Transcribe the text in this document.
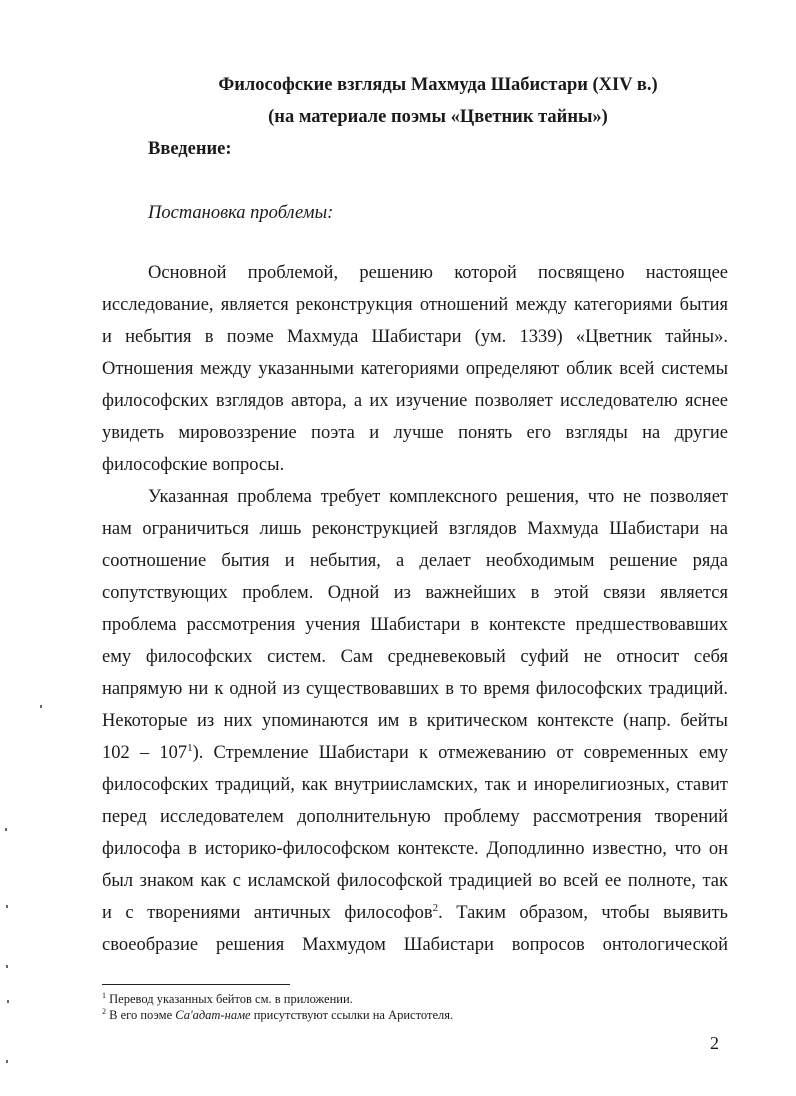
Философские взгляды Махмуда Шабистари (XIV в.)
(на материале поэмы «Цветник тайны»)
Введение:
Постановка проблемы:
Основной проблемой, решению которой посвящено настоящее
исследование, является реконструкция отношений между категориями бытия
и небытия в поэме Махмуда Шабистари (ум. 1339) «Цветник тайны».
Отношения между указанными категориями определяют облик всей системы
философских взглядов автора, а их изучение позволяет исследователю яснее
увидеть мировоззрение поэта и лучше понять его взгляды на другие
философские вопросы.
Указанная проблема требует комплексного решения, что не позволяет
нам ограничиться лишь реконструкцией взглядов Махмуда Шабистари на
соотношение бытия и небытия, а делает необходимым решение ряда
сопутствующих проблем. Одной из важнейших в этой связи является
проблема рассмотрения учения Шабистари в контексте предшествовавших
ему философских систем. Сам средневековый суфий не относит себя
напрямую ни к одной из существовавших в то время философских традиций.
Некоторые из них упоминаются им в критическом контексте (напр. бейты
$102 - 107^1$). Стремление Шабистари к отмежеванию от современных ему
философских традиций, как внутриисламских, так и инорелигиозных, ставит
перед исследователем дополнительную проблему рассмотрения творений
философа в историко-философском контексте. Доподлинно известно, что он
был знаком как с исламской философской традицией во всей ее полноте, так
и с творениями античных философов$^2$. Таким образом, чтобы выявить
своеобразие решения Махмудом Шабистари вопросов онтологической
$^1$ Перевод указанных бейтов см. в приложении.
$^2$ В его поэме Са'адат-наме присутствуют ссылки на Аристотеля.
2
